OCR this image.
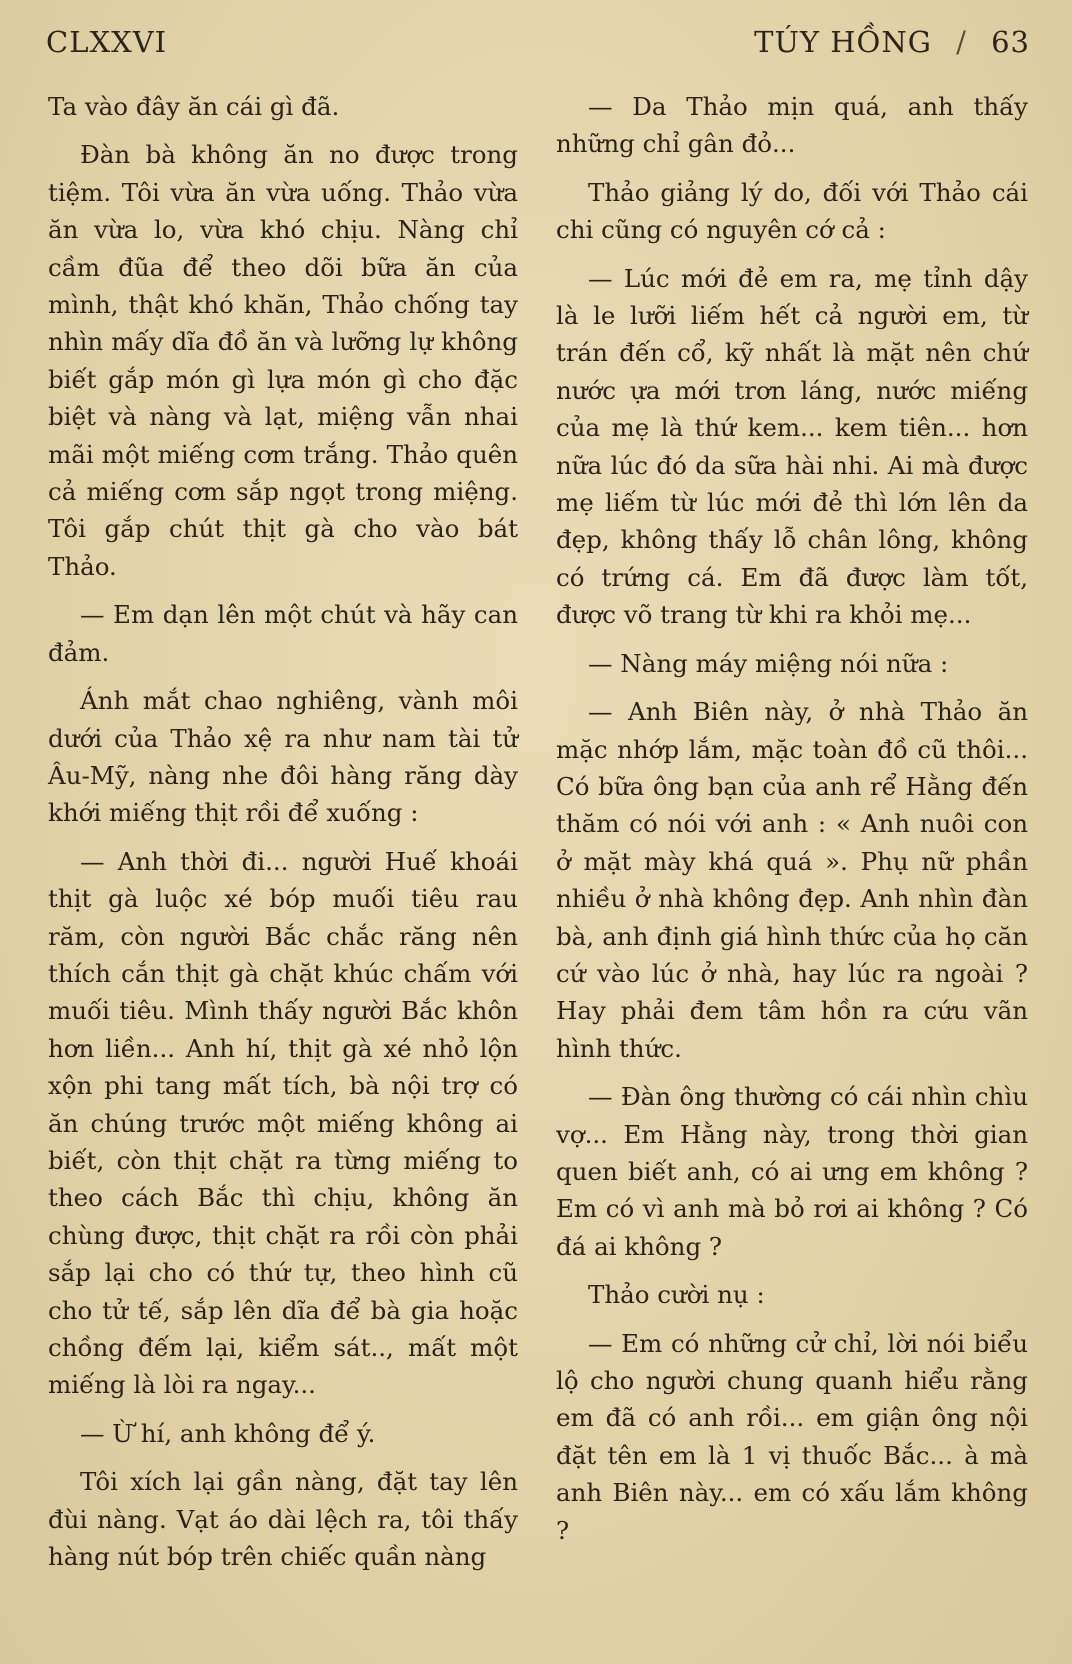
CLXXVI	TÚY HỒNG / 63

Ta vào đây ăn cái gì đã.

Đàn bà không ăn no được trong tiệm. Tôi vừa ăn vừa uống. Thảo vừa ăn vừa lo, vừa khó chịu. Nàng chỉ cầm đũa để theo dõi bữa ăn của mình, thật khó khăn, Thảo chống tay nhìn mấy dĩa đồ ăn và lưỡng lự không biết gắp món gì lựa món gì cho đặc biệt và nàng và lạt, miệng vẫn nhai mãi một miếng cơm trắng. Thảo quên cả miếng cơm sắp ngọt trong miệng. Tôi gắp chút thịt gà cho vào bát Thảo.

— Em dạn lên một chút và hãy can đảm.

Ánh mắt chao nghiêng, vành môi dưới của Thảo xệ ra như nam tài tử Âu-Mỹ, nàng nhe đôi hàng răng dày khới miếng thịt rồi để xuống :

— Anh thời đi... người Huế khoái thịt gà luộc xé bóp muối tiêu rau răm, còn người Bắc chắc răng nên thích cắn thịt gà chặt khúc chấm với muối tiêu. Mình thấy người Bắc khôn hơn liền... Anh hí, thịt gà xé nhỏ lộn xộn phi tang mất tích, bà nội trợ có ăn chúng trước một miếng không ai biết, còn thịt chặt ra từng miếng to theo cách Bắc thì chịu, không ăn chùng được, thịt chặt ra rồi còn phải sắp lại cho có thứ tự, theo hình cũ cho tử tế, sắp lên dĩa để bà gia hoặc chồng đếm lại, kiểm sát.., mất một miếng là lòi ra ngay...

— Ừ hí, anh không để ý.

Tôi xích lại gần nàng, đặt tay lên đùi nàng. Vạt áo dài lệch ra, tôi thấy hàng nút bóp trên chiếc quần nàng

— Da Thảo mịn quá, anh thấy những chỉ gân đỏ...

Thảo giảng lý do, đối với Thảo cái chi cũng có nguyên cớ cả :

— Lúc mới đẻ em ra, mẹ tỉnh dậy là le lưỡi liếm hết cả người em, từ trán đến cổ, kỹ nhất là mặt nên chứ nước ựa mới trơn láng, nước miếng của mẹ là thứ kem... kem tiên... hơn nữa lúc đó da sữa hài nhi. Ai mà được mẹ liếm từ lúc mới đẻ thì lớn lên da đẹp, không thấy lỗ chân lông, không có trứng cá. Em đã được làm tốt, được võ trang từ khi ra khỏi mẹ...

— Nàng máy miệng nói nữa :

— Anh Biên này, ở nhà Thảo ăn mặc nhớp lắm, mặc toàn đồ cũ thôi... Có bữa ông bạn của anh rể Hằng đến thăm có nói với anh : « Anh nuôi con ở mặt mày khá quá ». Phụ nữ phần nhiều ở nhà không đẹp. Anh nhìn đàn bà, anh định giá hình thức của họ căn cứ vào lúc ở nhà, hay lúc ra ngoài ? Hay phải đem tâm hồn ra cứu vãn hình thức.

— Đàn ông thường có cái nhìn chìu vợ... Em Hằng này, trong thời gian quen biết anh, có ai ưng em không ? Em có vì anh mà bỏ rơi ai không ? Có đá ai không ?

Thảo cười nụ :

— Em có những cử chỉ, lời nói biểu lộ cho người chung quanh hiểu rằng em đã có anh rồi... em giận ông nội đặt tên em là 1 vị thuốc Bắc... à mà anh Biên này... em có xấu lắm không ?
